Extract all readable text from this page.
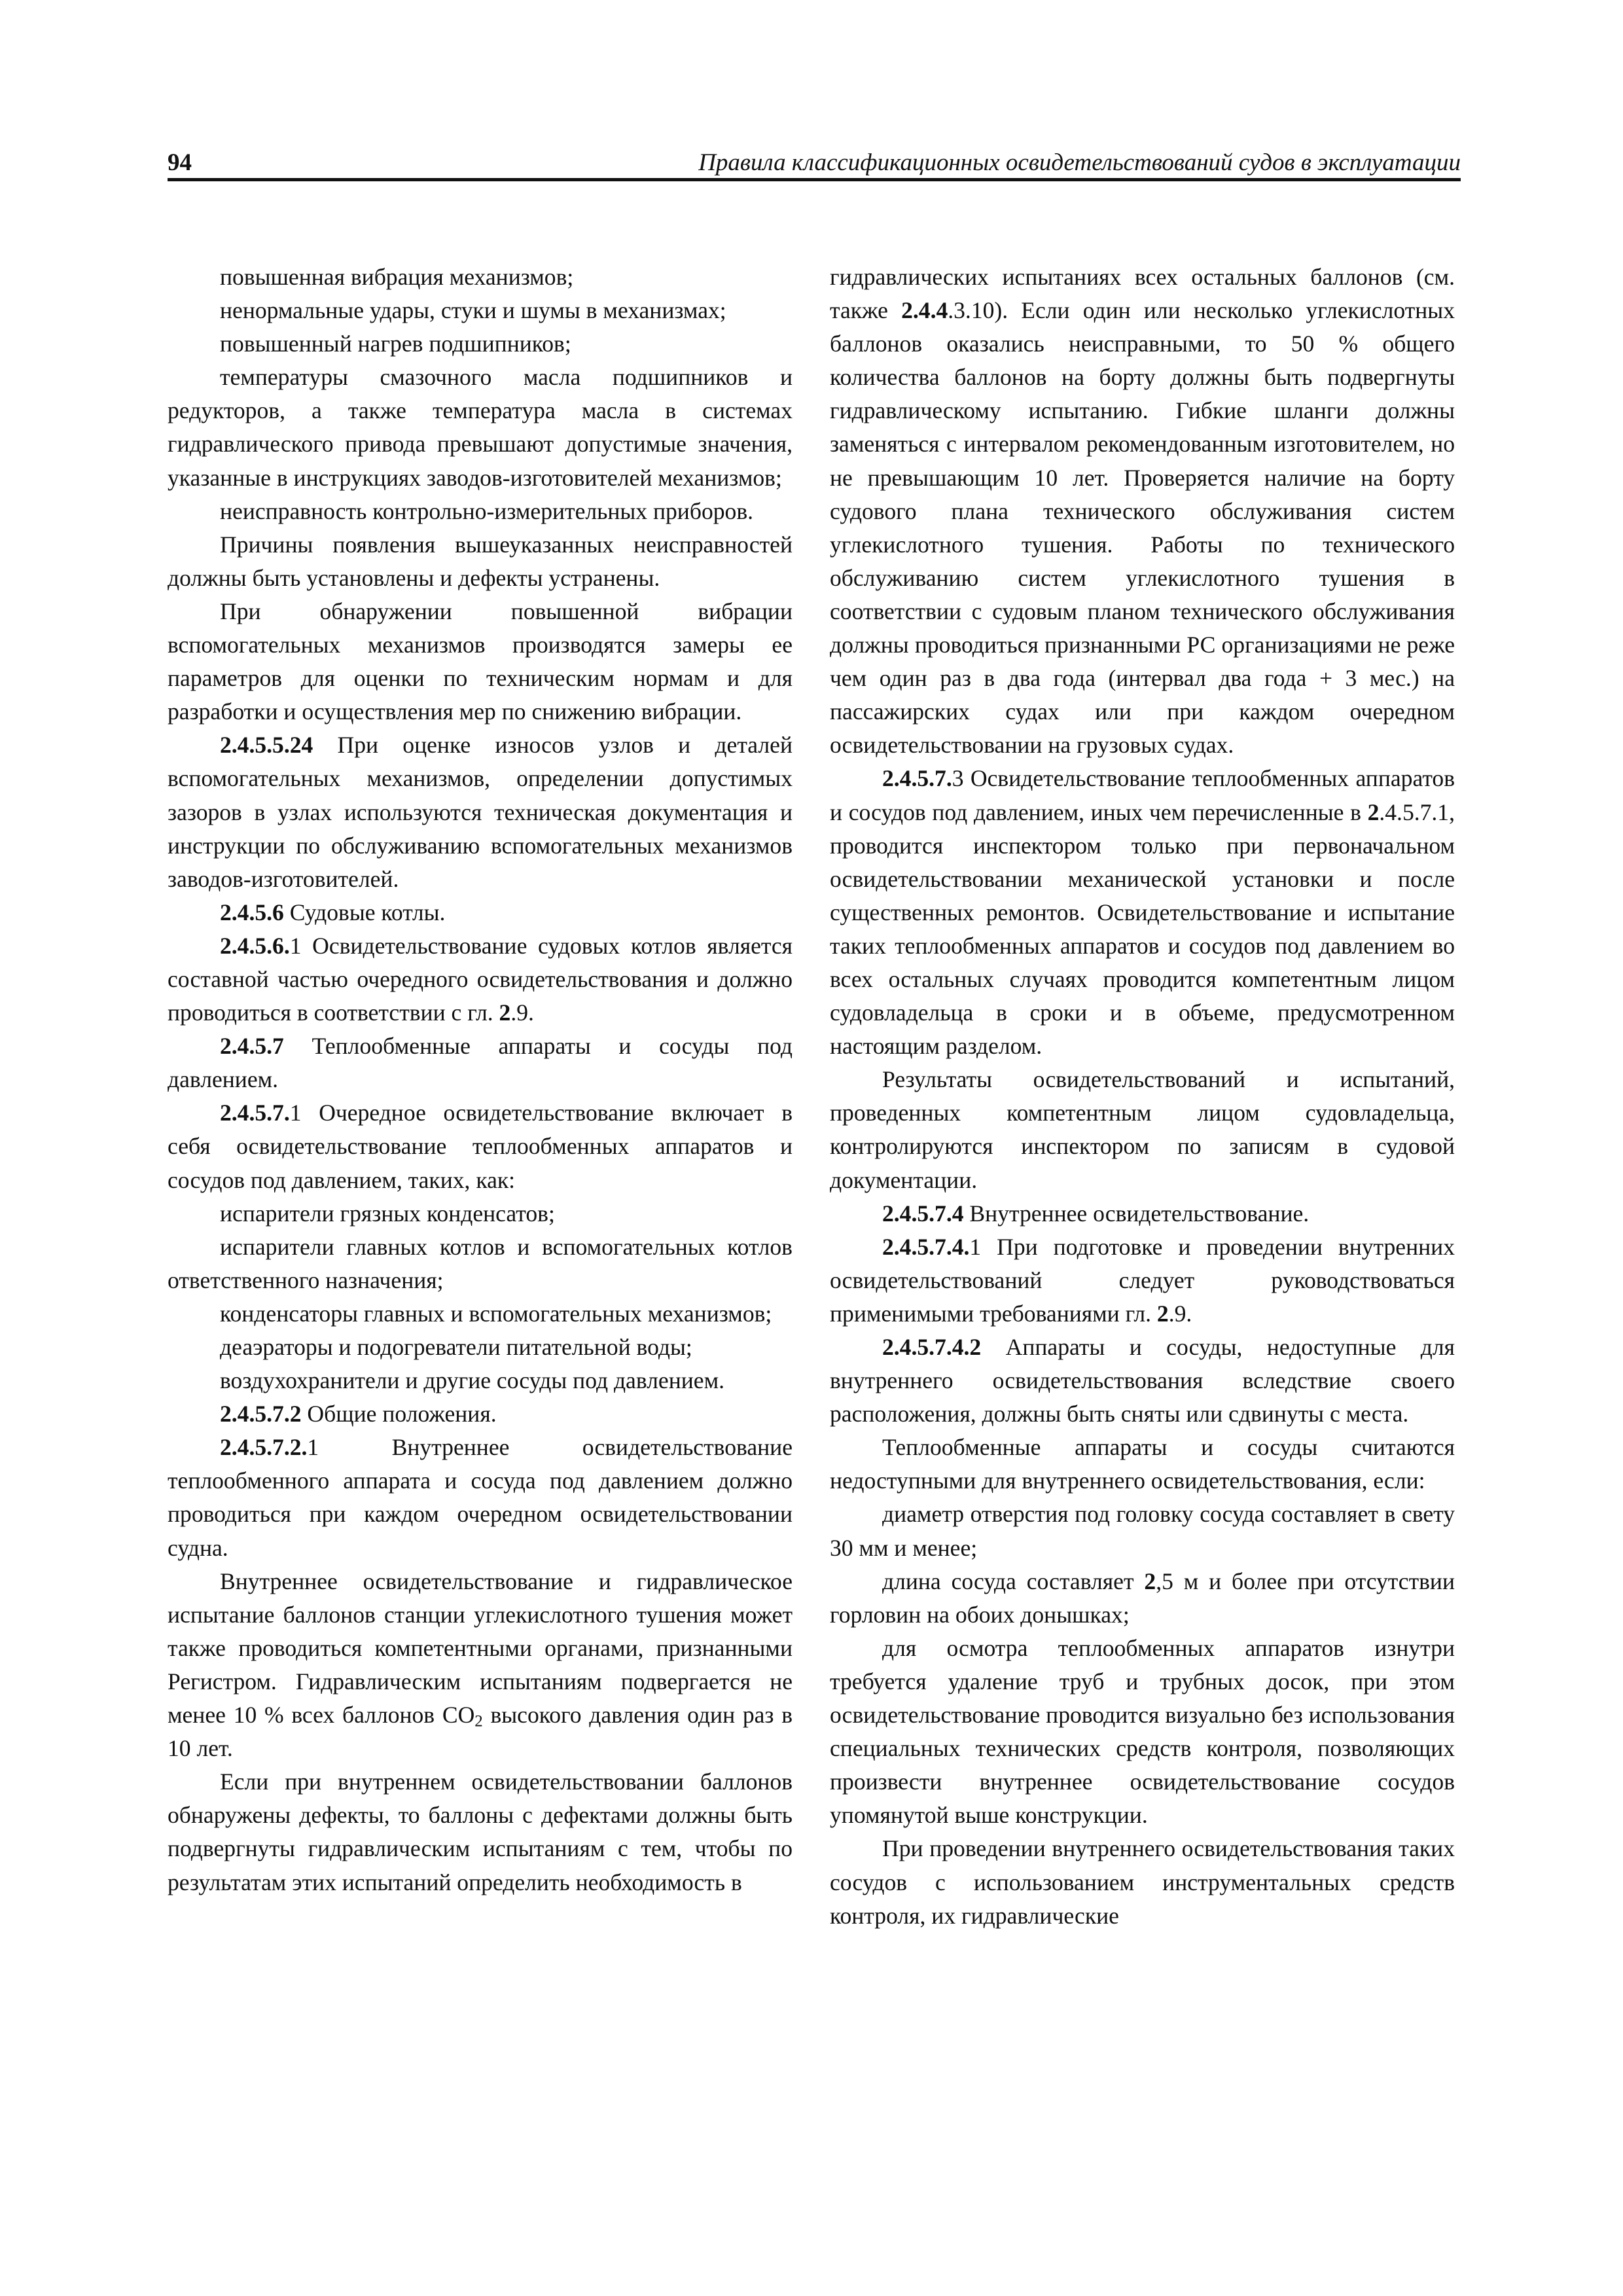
94	Правила классификационных освидетельствований судов в эксплуатации

повышенная вибрация механизмов;

ненормальные удары, стуки и шумы в механизмах;

повышенный нагрев подшипников;

температуры смазочного масла подшипников и редукторов, а также температура масла в системах гидравлического привода превышают допустимые значения, указанные в инструкциях заводов-изготовителей механизмов;

неисправность контрольно-измерительных приборов.

Причины появления вышеуказанных неисправностей должны быть установлены и дефекты устранены.

При обнаружении повышенной вибрации вспомогательных механизмов производятся замеры ее параметров для оценки по техническим нормам и для разработки и осуществления мер по снижению вибрации.

2.4.5.5.24 При оценке износов узлов и деталей вспомогательных механизмов, определении допустимых зазоров в узлах используются техническая документация и инструкции по обслуживанию вспомогательных механизмов заводов-изготовителей.

2.4.5.6 Судовые котлы.

2.4.5.6.1 Освидетельствование судовых котлов является составной частью очередного освидетельствования и должно проводиться в соответствии с гл. 2.9.

2.4.5.7 Теплообменные аппараты и сосуды под давлением.

2.4.5.7.1 Очередное освидетельствование включает в себя освидетельствование теплообменных аппаратов и сосудов под давлением, таких, как:

испарители грязных конденсатов;

испарители главных котлов и вспомогательных котлов ответственного назначения;

конденсаторы главных и вспомогательных механизмов;

деаэраторы и подогреватели питательной воды;

воздухохранители и другие сосуды под давлением.

2.4.5.7.2 Общие положения.

2.4.5.7.2.1 Внутреннее освидетельствование теплообменного аппарата и сосуда под давлением должно проводиться при каждом очередном освидетельствовании судна.

Внутреннее освидетельствование и гидравлическое испытание баллонов станции углекислотного тушения может также проводиться компетентными органами, признанными Регистром. Гидравлическим испытаниям подвергается не менее 10 % всех баллонов $CO_2$ высокого давления один раз в 10 лет.

Если при внутреннем освидетельствовании баллонов обнаружены дефекты, то баллоны с дефектами должны быть подвергнуты гидравлическим испытаниям с тем, чтобы по результатам этих испытаний определить необходимость в

гидравлических испытаниях всех остальных баллонов (см. также 2.4.4.3.10). Если один или несколько углекислотных баллонов оказались неисправными, то 50 % общего количества баллонов на борту должны быть подвергнуты гидравлическому испытанию. Гибкие шланги должны заменяться с интервалом рекомендованным изготовителем, но не превышающим 10 лет. Проверяется наличие на борту судового плана технического обслуживания систем углекислотного тушения. Работы по технического обслуживанию систем углекислотного тушения в соответствии с судовым планом технического обслуживания должны проводиться признанными РС организациями не реже чем один раз в два года (интервал два года + 3 мес.) на пассажирских судах или при каждом очередном освидетельствовании на грузовых судах.

2.4.5.7.3 Освидетельствование теплообменных аппаратов и сосудов под давлением, иных чем перечисленные в 2.4.5.7.1, проводится инспектором только при первоначальном освидетельствовании механической установки и после существенных ремонтов. Освидетельствование и испытание таких теплообменных аппаратов и сосудов под давлением во всех остальных случаях проводится компетентным лицом судовладельца в сроки и в объеме, предусмотренном настоящим разделом.

Результаты освидетельствований и испытаний, проведенных компетентным лицом судовладельца, контролируются инспектором по записям в судовой документации.

2.4.5.7.4 Внутреннее освидетельствование.

2.4.5.7.4.1 При подготовке и проведении внутренних освидетельствований следует руководствоваться применимыми требованиями гл. 2.9.

2.4.5.7.4.2 Аппараты и сосуды, недоступные для внутреннего освидетельствования вследствие своего расположения, должны быть сняты или сдвинуты с места.

Теплообменные аппараты и сосуды считаются недоступными для внутреннего освидетельствования, если:

диаметр отверстия под головку сосуда составляет в свету 30 мм и менее;

длина сосуда составляет 2,5 м и более при отсутствии горловин на обоих донышках;

для осмотра теплообменных аппаратов изнутри требуется удаление труб и трубных досок, при этом освидетельствование проводится визуально без использования специальных технических средств контроля, позволяющих произвести внутреннее освидетельствование сосудов упомянутой выше конструкции.

При проведении внутреннего освидетельствования таких сосудов с использованием инструментальных средств контроля, их гидравлические
